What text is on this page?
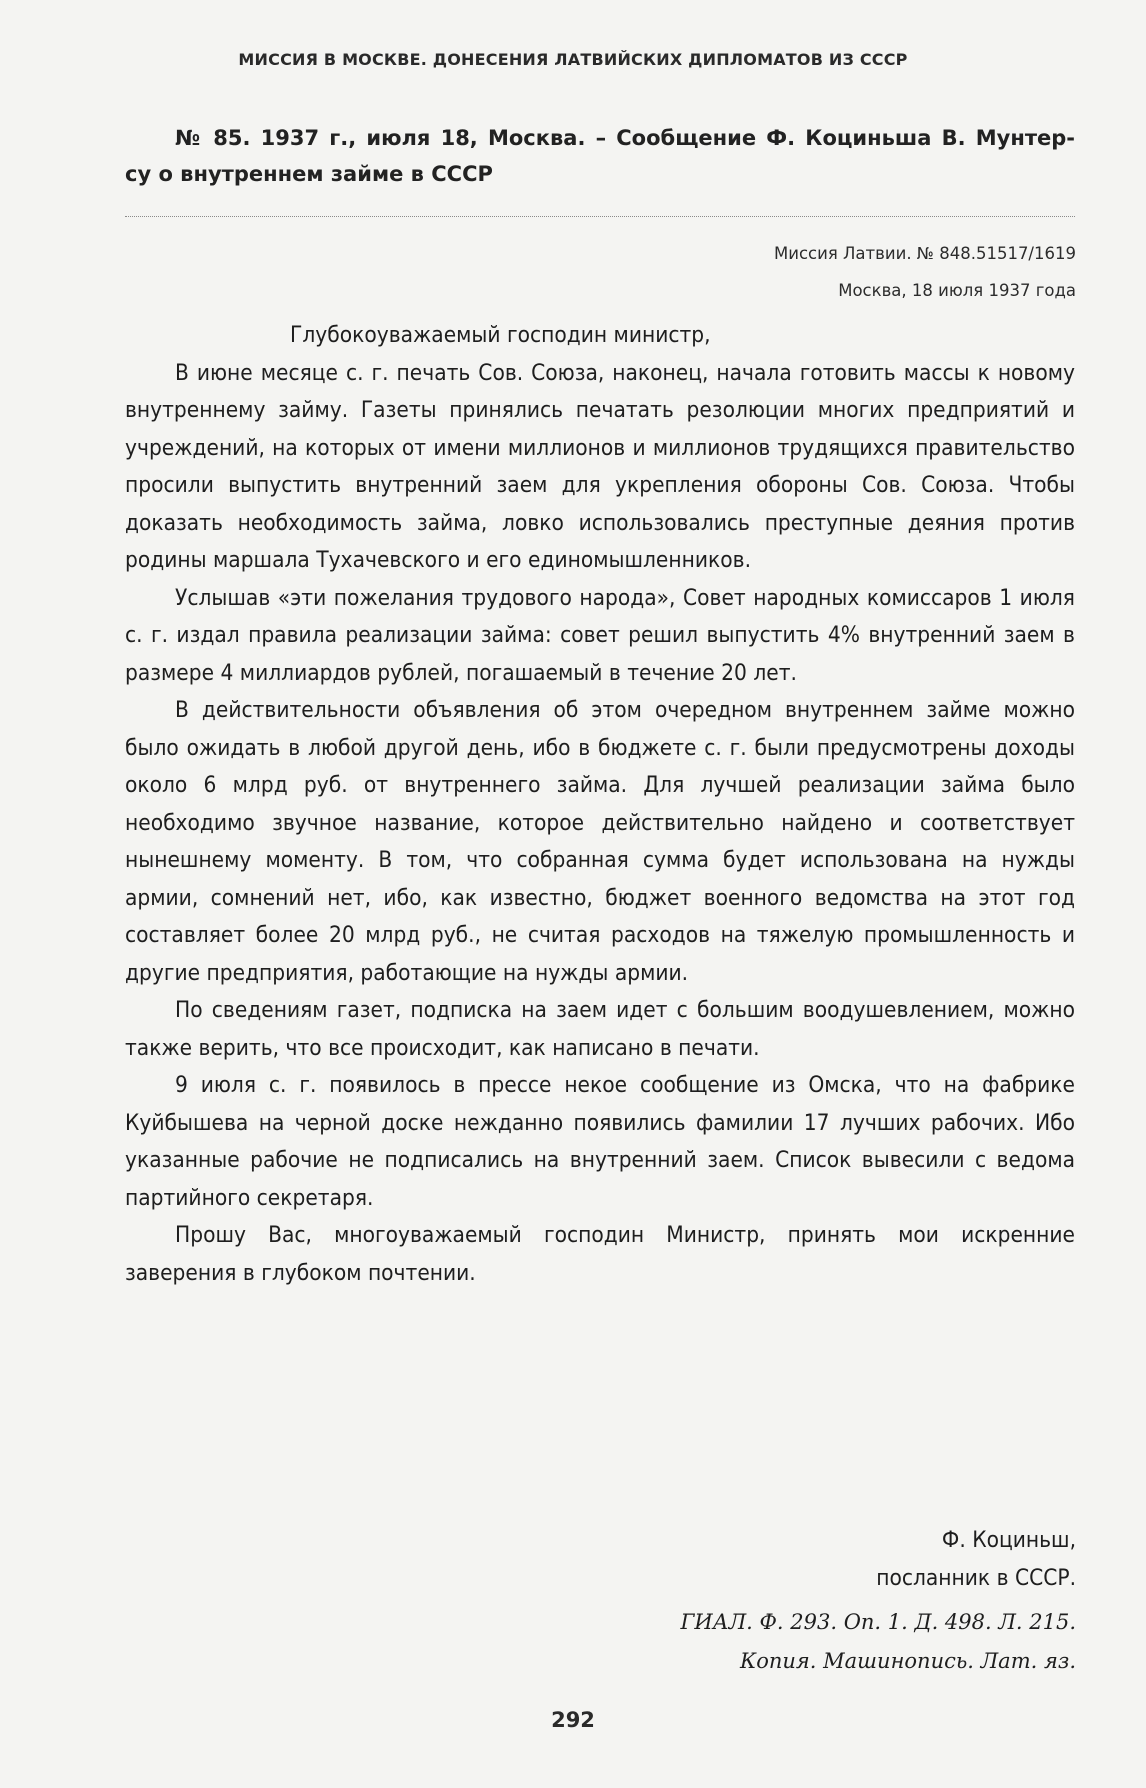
МИССИЯ В МОСКВЕ. ДОНЕСЕНИЯ ЛАТВИЙСКИХ ДИПЛОМАТОВ ИЗ СССР
№ 85. 1937 г., июля 18, Москва. – Сообщение Ф. Коциньша В. Мунтер-
су о внутреннем займе в СССР
Миссия Латвии. № 848.51517/1619
Москва, 18 июля 1937 года

Глубокоуважаемый господин министр,

В июне месяце с. г. печать Сов. Союза, наконец, начала готовить массы к новому внутреннему займу. Газеты принялись печатать резолюции многих предприятий и учреждений, на которых от имени миллионов и миллионов трудящихся правительство просили выпустить внутренний заем для укрепления обороны Сов. Союза. Чтобы доказать необходимость займа, ловко использовались преступные деяния против родины маршала Тухачевского и его единомышленников.

Услышав «эти пожелания трудового народа», Совет народных комиссаров 1 июля с. г. издал правила реализации займа: совет решил выпустить 4% внутренний заем в размере 4 миллиардов рублей, погашаемый в течение 20 лет.

В действительности объявления об этом очередном внутреннем займе можно было ожидать в любой другой день, ибо в бюджете с. г. были предусмотрены доходы около 6 млрд руб. от внутреннего займа. Для лучшей реализации займа было необходимо звучное название, которое действительно найдено и соответствует нынешнему моменту. В том, что собранная сумма будет использована на нужды армии, сомнений нет, ибо, как известно, бюджет военного ведомства на этот год составляет более 20 млрд руб., не считая расходов на тяжелую промышленность и другие предприятия, работающие на нужды армии.

По сведениям газет, подписка на заем идет с большим воодушевлением, можно также верить, что все происходит, как написано в печати.

9 июля с. г. появилось в прессе некое сообщение из Омска, что на фабрике Куйбышева на черной доске нежданно появились фамилии 17 лучших рабочих. Ибо указанные рабочие не подписались на внутренний заем. Список вывесили с ведома партийного секретаря.

Прошу Вас, многоуважаемый господин Министр, принять мои искренние заверения в глубоком почтении.

Ф. Коциньш,
посланник в СССР.
ГИАЛ. Ф. 293. Оп. 1. Д. 498. Л. 215.
Копия. Машинопись. Лат. яз.
292
